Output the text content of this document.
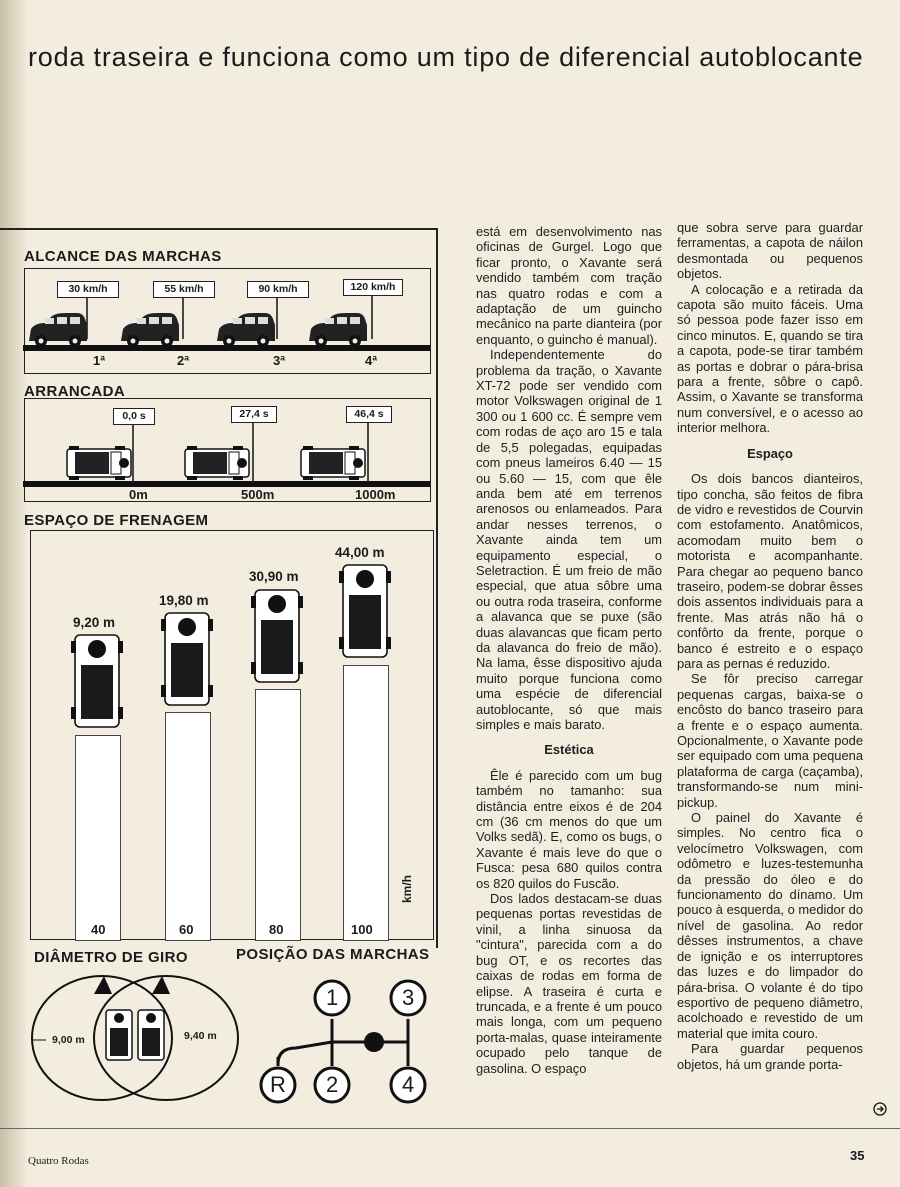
roda traseira e funciona como um tipo de diferencial autoblocante
ALCANCE DAS MARCHAS
30 km/h	55 km/h	90 km/h	120 km/h
1ª	2ª	3ª	4ª
ARRANCADA
0,0 s	27,4 s	46,4 s
0m	500m	1000m
ESPAÇO DE FRENAGEM
9,20 m
19,80 m
30,90 m
44,00 m
40	60	80	100
km/h
DIÂMETRO DE GIRO
9,00 m	9,40 m
POSIÇÃO DAS MARCHAS
1	3
R 2	4

está em desenvolvimento nas oficinas de Gurgel. Logo que ficar pronto, o Xavante será vendido também com tração nas quatro rodas e com a adaptação de um guincho mecânico na parte dianteira (por enquanto, o guincho é manual).

Independentemente do problema da tração, o Xavante XT-72 pode ser vendido com motor Volkswagen original de 1 300 ou 1 600 cc. É sempre vem com rodas de aço aro 15 e tala de 5,5 polegadas, equipadas com pneus lameiros 6.40 — 15 ou 5.60 — 15, com que êle anda bem até em terrenos arenosos ou enlameados. Para andar nesses terrenos, o Xavante ainda tem um equipamento especial, o Seletraction. É um freio de mão especial, que atua sôbre uma ou outra roda traseira, conforme a alavanca que se puxe (são duas alavancas que ficam perto da alavanca do freio de mão). Na lama, êsse dispositivo ajuda muito porque funciona como uma espécie de diferencial autoblocante, só que mais simples e mais barato.

Estética

Êle é parecido com um bug também no tamanho: sua distância entre eixos é de 204 cm (36 cm menos do que um Volks sedã). E, como os bugs, o Xavante é mais leve do que o Fusca: pesa 680 quilos contra os 820 quilos do Fuscão.

Dos lados destacam-se duas pequenas portas revestidas de vinil, a linha sinuosa da "cintura", parecida com a do bug OT, e os recortes das caixas de rodas em forma de elipse. A traseira é curta e truncada, e a frente é um pouco mais longa, com um pequeno porta-malas, quase inteiramente ocupado pelo tanque de gasolina. O espaço

que sobra serve para guardar ferramentas, a capota de náilon desmontada ou pequenos objetos.

A colocação e a retirada da capota são muito fáceis. Uma só pessoa pode fazer isso em cinco minutos. E, quando se tira a capota, pode-se tirar também as portas e dobrar o pára-brisa para a frente, sôbre o capô. Assim, o Xavante se transforma num conversível, e o acesso ao interior melhora.

Espaço

Os dois bancos dianteiros, tipo concha, são feitos de fibra de vidro e revestidos de Courvin com estofamento. Anatômicos, acomodam muito bem o motorista e acompanhante. Para chegar ao pequeno banco traseiro, podem-se dobrar êsses dois assentos individuais para a frente. Mas atrás não há o confôrto da frente, porque o banco é estreito e o espaço para as pernas é reduzido.

Se fôr preciso carregar pequenas cargas, baixa-se o encôsto do banco traseiro para a frente e o espaço aumenta. Opcionalmente, o Xavante pode ser equipado com uma pequena plataforma de carga (caçamba), transformando-se num mini-pickup.

O painel do Xavante é simples. No centro fica o velocímetro Volkswagen, com odômetro e luzes-testemunha da pressão do óleo e do funcionamento do dínamo. Um pouco à esquerda, o medidor do nível de gasolina. Ao redor dêsses instrumentos, a chave de ignição e os interruptores das luzes e do limpador do pára-brisa. O volante é do tipo esportivo de pequeno diâmetro, acolchoado e revestido de um material que imita couro.

Para guardar pequenos objetos, há um grande porta-

Quatro Rodas	35
